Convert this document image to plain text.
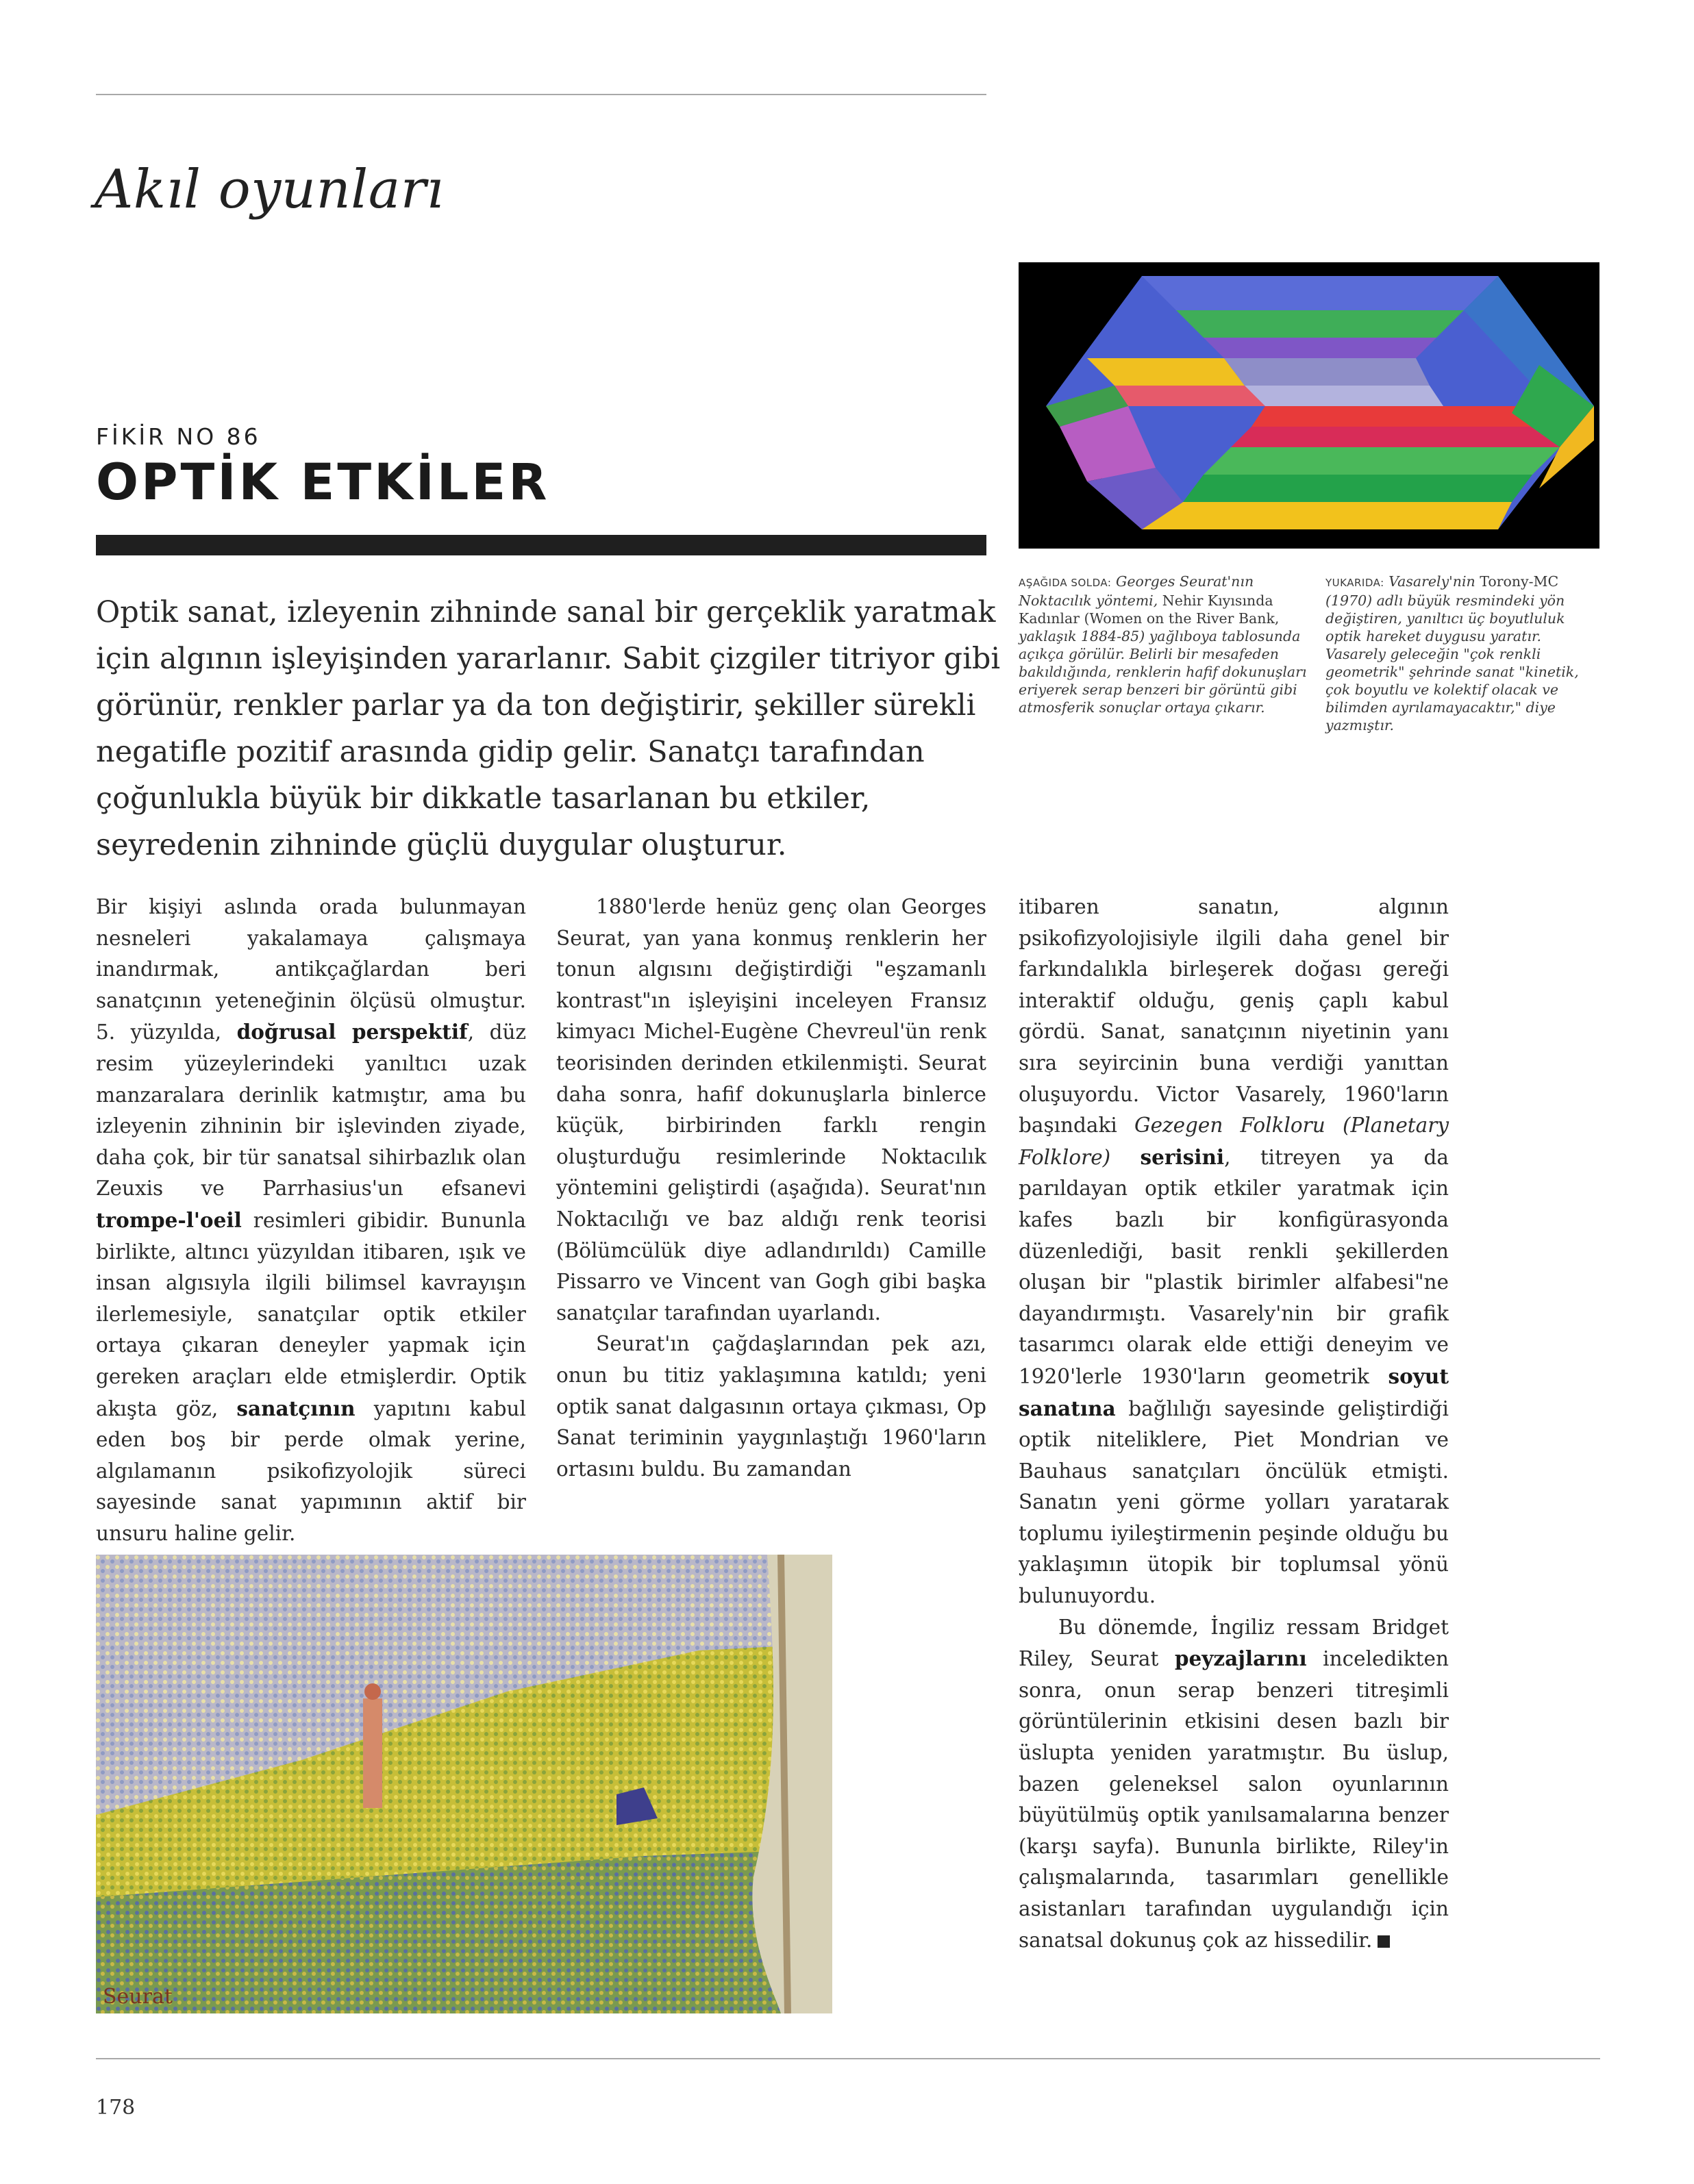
Akıl oyunları
FİKİR NO 86
OPTİK ETKİLER
Optik sanat, izleyenin zihninde sanal bir gerçeklik yaratmak
için algının işleyişinden yararlanır. Sabit çizgiler titriyor gibi
görünür, renkler parlar ya da ton değiştirir, şekiller sürekli
negatifle pozitif arasında gidip gelir. Sanatçı tarafından
çoğunlukla büyük bir dikkatle tasarlanan bu etkiler,
seyredenin zihninde güçlü duygular oluşturur.
AŞAĞIDA SOLDA: Georges Seurat'nın Noktacılık yöntemi, Nehir Kıyısında Kadınlar (Women on the River Bank, yaklaşık 1884-85) yağlıboya tablosunda açıkça görülür. Belirli bir mesafeden bakıldığında, renklerin hafif dokunuşları eriyerek serap benzeri bir görüntü gibi atmosferik sonuçlar ortaya çıkarır.
YUKARIDA: Vasarely'nin Torony-MC (1970) adlı büyük resmindeki yön değiştiren, yanıltıcı üç boyutluluk optik hareket duygusu yaratır. Vasarely geleceğin "çok renkli geometrik" şehrinde sanat "kinetik, çok boyutlu ve kolektif olacak ve bilimden ayrılamayacaktır," diye yazmıştır.

Bir kişiyi aslında orada bulunmayan nesneleri yakalamaya çalışmaya inandırmak, antikçağlardan beri sanatçının yeteneğinin ölçüsü olmuştur. 5. yüzyılda, doğrusal perspektif, düz resim yüzeylerindeki yanıltıcı uzak manzaralara derinlik katmıştır, ama bu izleyenin zihninin bir işlevinden ziyade, daha çok, bir tür sanatsal sihirbazlık olan Zeuxis ve Parrhasius'un efsanevi trompe-l'oeil resimleri gibidir. Bununla birlikte, altıncı yüzyıldan itibaren, ışık ve insan algısıyla ilgili bilimsel kavrayışın ilerlemesiyle, sanatçılar optik etkiler ortaya çıkaran deneyler yapmak için gereken araçları elde etmişlerdir. Optik akışta göz, sanatçının yapıtını kabul eden boş bir perde olmak yerine, algılamanın psikofizyolojik süreci sayesinde sanat yapımının aktif bir unsuru haline gelir.

1880'lerde henüz genç olan Georges Seurat, yan yana konmuş renklerin her tonun algısını değiştirdiği "eşzamanlı kontrast"ın işleyişini inceleyen Fransız kimyacı Michel-Eugène Chevreul'ün renk teorisinden derinden etkilenmişti. Seurat daha sonra, hafif dokunuşlarla binlerce küçük, birbirinden farklı rengin oluşturduğu resimlerinde Noktacılık yöntemini geliştirdi (aşağıda). Seurat'nın Noktacılığı ve baz aldığı renk teorisi (Bölümcülük diye adlandırıldı) Camille Pissarro ve Vincent van Gogh gibi başka sanatçılar tarafından uyarlandı.

Seurat'ın çağdaşlarından pek azı, onun bu titiz yaklaşımına katıldı; yeni optik sanat dalgasının ortaya çıkması, Op Sanat teriminin yaygınlaştığı 1960'ların ortasını buldu. Bu zamandan

itibaren sanatın, algının psikofizyolojisiyle ilgili daha genel bir farkındalıkla birleşerek doğası gereği interaktif olduğu, geniş çaplı kabul gördü. Sanat, sanatçının niyetinin yanı sıra seyircinin buna verdiği yanıttan oluşuyordu. Victor Vasarely, 1960'ların başındaki Gezegen Folkloru (Planetary Folklore) serisini, titreyen ya da parıldayan optik etkiler yaratmak için kafes bazlı bir konfigürasyonda düzenlediği, basit renkli şekillerden oluşan bir "plastik birimler alfabesi"ne dayandırmıştı. Vasarely'nin bir grafik tasarımcı olarak elde ettiği deneyim ve 1920'lerle 1930'ların geometrik soyut sanatına bağlılığı sayesinde geliştirdiği optik niteliklere, Piet Mondrian ve Bauhaus sanatçıları öncülük etmişti. Sanatın yeni görme yolları yaratarak toplumu iyileştirmenin peşinde olduğu bu yaklaşımın ütopik bir toplumsal yönü bulunuyordu.

Bu dönemde, İngiliz ressam Bridget Riley, Seurat peyzajlarını inceledikten sonra, onun serap benzeri titreşimli görüntülerinin etkisini desen bazlı bir üslupta yeniden yaratmıştır. Bu üslup, bazen geleneksel salon oyunlarının büyütülmüş optik yanılsamalarına benzer (karşı sayfa). Bununla birlikte, Riley'in çalışmalarında, tasarımları genellikle asistanları tarafından uygulandığı için sanatsal dokunuş çok az hissedilir.

Seurat
178
